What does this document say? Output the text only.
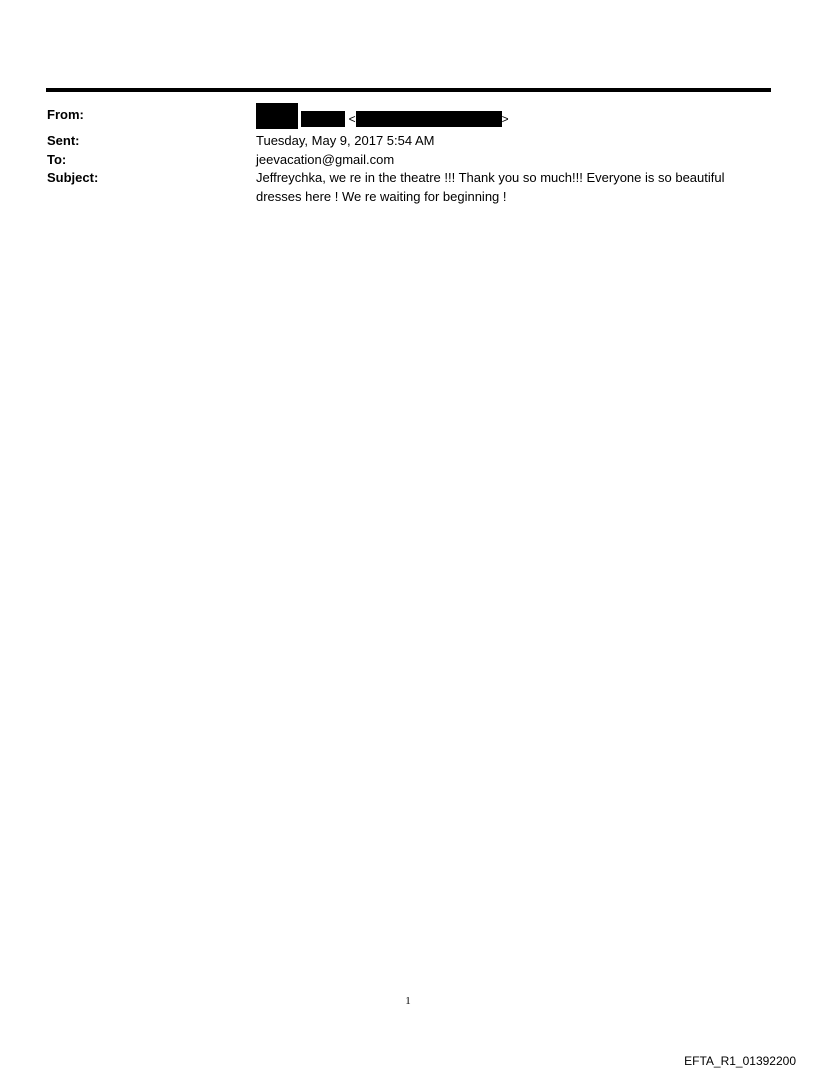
From:	<	>
Sent:	Tuesday, May 9, 2017 5:54 AM
To:	jeevacation@gmail.com
Subject:	Jeffreychka, we re in the theatre !!! Thank you so much!!! Everyone is so beautiful dresses here ! We re waiting for beginning !
1
EFTA_R1_01392200
